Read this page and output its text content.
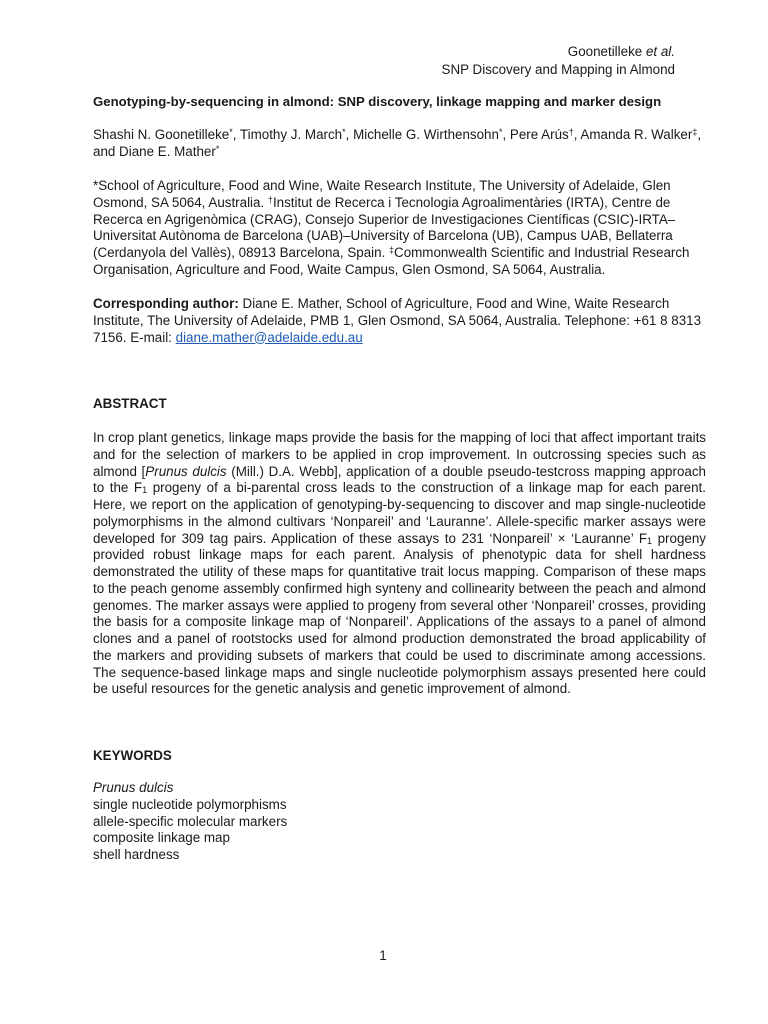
Goonetilleke et al.
SNP Discovery and Mapping in Almond
Genotyping-by-sequencing in almond: SNP discovery, linkage mapping and marker design
Shashi N. Goonetilleke*, Timothy J. March*, Michelle G. Wirthensohn*, Pere Arús†, Amanda R. Walker‡, and Diane E. Mather*
*School of Agriculture, Food and Wine, Waite Research Institute, The University of Adelaide, Glen Osmond, SA 5064, Australia. †Institut de Recerca i Tecnologia Agroalimentàries (IRTA), Centre de Recerca en Agrigenòmica (CRAG), Consejo Superior de Investigaciones Científicas (CSIC)-IRTA–Universitat Autònoma de Barcelona (UAB)–University of Barcelona (UB), Campus UAB, Bellaterra (Cerdanyola del Vallès), 08913 Barcelona, Spain. ‡Commonwealth Scientific and Industrial Research Organisation, Agriculture and Food, Waite Campus, Glen Osmond, SA 5064, Australia.
Corresponding author: Diane E. Mather, School of Agriculture, Food and Wine, Waite Research Institute, The University of Adelaide, PMB 1, Glen Osmond, SA 5064, Australia. Telephone: +61 8 8313 7156. E-mail: diane.mather@adelaide.edu.au
ABSTRACT
In crop plant genetics, linkage maps provide the basis for the mapping of loci that affect important traits and for the selection of markers to be applied in crop improvement. In outcrossing species such as almond [Prunus dulcis (Mill.) D.A. Webb], application of a double pseudo-testcross mapping approach to the $F_1$ progeny of a bi-parental cross leads to the construction of a linkage map for each parent. Here, we report on the application of genotyping-by-sequencing to discover and map single-nucleotide polymorphisms in the almond cultivars ‘Nonpareil’ and ‘Lauranne’. Allele-specific marker assays were developed for 309 tag pairs. Application of these assays to 231 ‘Nonpareil’ × ‘Lauranne’ $F_1$ progeny provided robust linkage maps for each parent. Analysis of phenotypic data for shell hardness demonstrated the utility of these maps for quantitative trait locus mapping. Comparison of these maps to the peach genome assembly confirmed high synteny and collinearity between the peach and almond genomes. The marker assays were applied to progeny from several other ‘Nonpareil’ crosses, providing the basis for a composite linkage map of ‘Nonpareil’. Applications of the assays to a panel of almond clones and a panel of rootstocks used for almond production demonstrated the broad applicability of the markers and providing subsets of markers that could be used to discriminate among accessions. The sequence-based linkage maps and single nucleotide polymorphism assays presented here could be useful resources for the genetic analysis and genetic improvement of almond.
KEYWORDS
Prunus dulcis
single nucleotide polymorphisms
allele-specific molecular markers
composite linkage map
shell hardness
1
